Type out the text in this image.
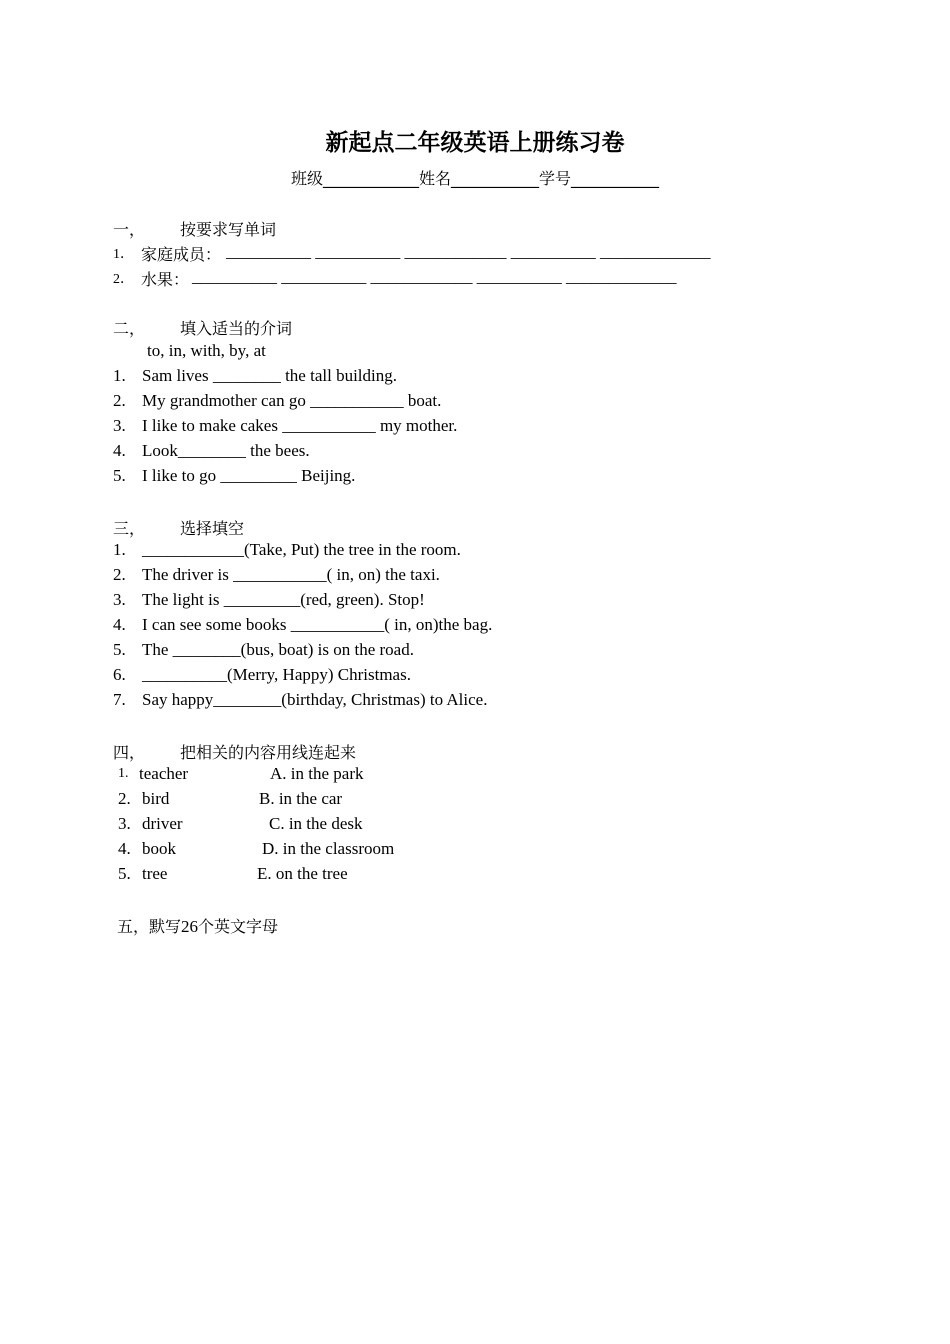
新起点二年级英语上册练习卷
班级____________姓名___________学号___________
一， 按要求写单词
1． 家庭成员： __________ __________ ____________ __________ _____________
2． 水果： __________ __________ ____________ __________ _____________
二， 填入适当的介词
to, in, with, by, at
1. Sam lives ________ the tall building.
2. My grandmother can go ___________ boat.
3. I like to make cakes ___________ my mother.
4. Look________ the bees.
5. I like to go _________ Beijing.
三， 选择填空
1. ____________(Take, Put) the tree in the room.
2. The driver is ___________( in, on) the taxi.
3. The light is _________(red, green). Stop!
4. I can see some books ___________( in, on)the bag.
5. The ________(bus, boat) is on the road.
6. __________(Merry, Happy) Christmas.
7. Say happy________(birthday, Christmas) to Alice.
四， 把相关的内容用线连起来
1. teacher	A. in the park
2. bird	B. in the car
3. driver	C. in the desk
4. book	D. in the classroom
5. tree	E. on the tree
五，默写26个英文字母
